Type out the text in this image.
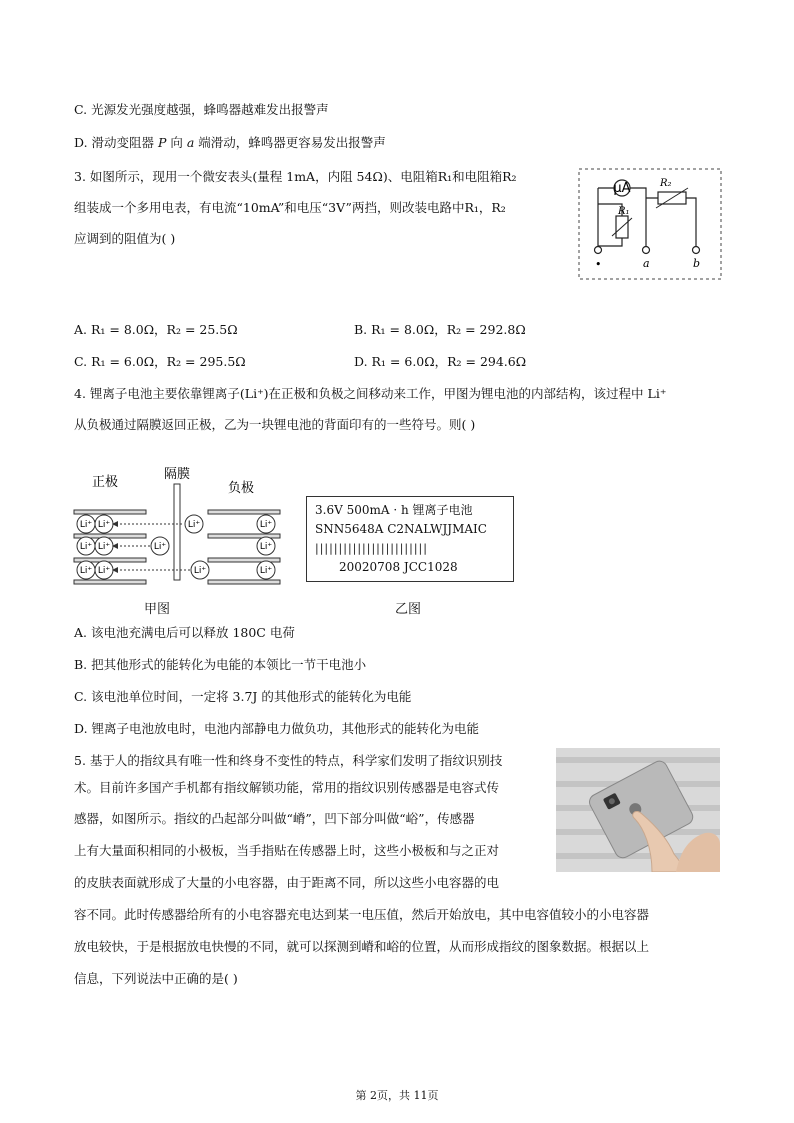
C. 光源发光强度越强，蜂鸣器越难发出报警声
D. 滑动变阻器 P 向 a 端滑动，蜂鸣器更容易发出报警声
3. 如图所示，现用一个微安表头(量程 1mA，内阻 54Ω)、电阻箱R₁和电阻箱R₂
组装成一个多用电表，有电流“10mA”和电压“3V”两挡，则改装电路中R₁，R₂
应调到的阻值为( )
μA
R₁
R₂
•	a	b
A. R₁ = 8.0Ω，R₂ = 25.5Ω	B. R₁ = 8.0Ω，R₂ = 292.8Ω
C. R₁ = 6.0Ω，R₂ = 295.5Ω	D. R₁ = 6.0Ω，R₂ = 294.6Ω
4. 锂离子电池主要依靠锂离子(Li⁺)在正极和负极之间移动来工作，甲图为锂电池的内部结构，该过程中 Li⁺
从负极通过隔膜返回正极，乙为一块锂电池的背面印有的一些符号。则( )
正极
隔膜
负极
Li⁺ Li⁺
Li⁺ Li⁺
Li⁺ Li⁺
Li⁺
Li⁺
Li⁺
Li⁺
Li⁺
Li⁺
甲图
3.6V 500mA · h 锂离子电池
SNN5648A C2NALWJJMAIC
||||||||||||||||||||||||
20020708 JCC1028
乙图
A. 该电池充满电后可以释放 180C 电荷
B. 把其他形式的能转化为电能的本领比一节干电池小
C. 该电池单位时间，一定将 3.7J 的其他形式的能转化为电能
D. 锂离子电池放电时，电池内部静电力做负功，其他形式的能转化为电能
5. 基于人的指纹具有唯一性和终身不变性的特点，科学家们发明了指纹识别技
术。目前许多国产手机都有指纹解锁功能，常用的指纹识别传感器是电容式传
感器，如图所示。指纹的凸起部分叫做“嵴”，凹下部分叫做“峪”，传感器
上有大量面积相同的小极板，当手指贴在传感器上时，这些小极板和与之正对
的皮肤表面就形成了大量的小电容器，由于距离不同，所以这些小电容器的电
容不同。此时传感器给所有的小电容器充电达到某一电压值，然后开始放电，其中电容值较小的小电容器
放电较快，于是根据放电快慢的不同，就可以探测到嵴和峪的位置，从而形成指纹的图象数据。根据以上
信息，下列说法中正确的是( )
第 2页，共 11页
